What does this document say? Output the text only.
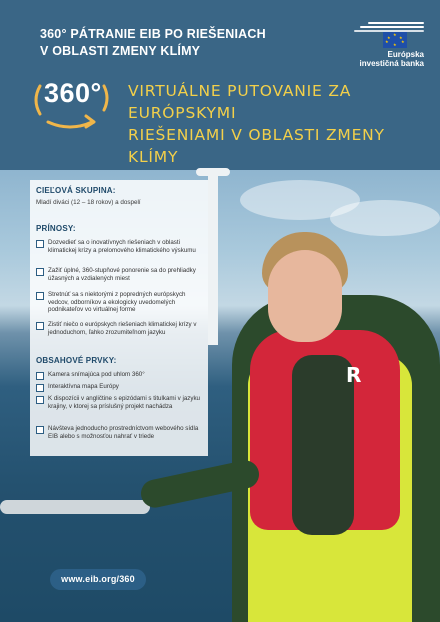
360° PÁTRANIE EIB PO RIEŠENIACH
V OBLASTI ZMENY KLÍMY
★
★ ★
★	★
★
Európska
investičná banka
360° VIRTUÁLNE PUTOVANIE ZA EURÓPSKYMI
RIEŠENIAMI V OBLASTI ZMENY KLÍMY
R
CIEĽOVÁ SKUPINA:
Mladí diváci (12 – 18 rokov) a dospelí
PRÍNOSY:
Dozvedieť sa o inovatívnych riešeniach v oblasti klimatickej krízy a prelomového klimatického výskumu
Zažiť úplné, 360-stupňové ponorenie sa do prehliadky úžasných a vzdialených miest
Stretnúť sa s niektorými z popredných európskych vedcov, odborníkov a ekologicky uvedomelých podnikateľov vo virtuálnej forme
Zistiť niečo o európskych riešeniach klimatickej krízy v jednoduchom, ľahko zrozumiteľnom jazyku
OBSAHOVÉ PRVKY:
Kamera snímajúca pod uhlom 360°
Interaktívna mapa Európy
K dispozícii v angličtine s epizódami s titulkami v jazyku krajiny, v ktorej sa príslušný projekt nachádza
Návšteva jednoducho prostredníctvom webového sídla EIB alebo s možnosťou nahrať v triede
www.eib.org/360
